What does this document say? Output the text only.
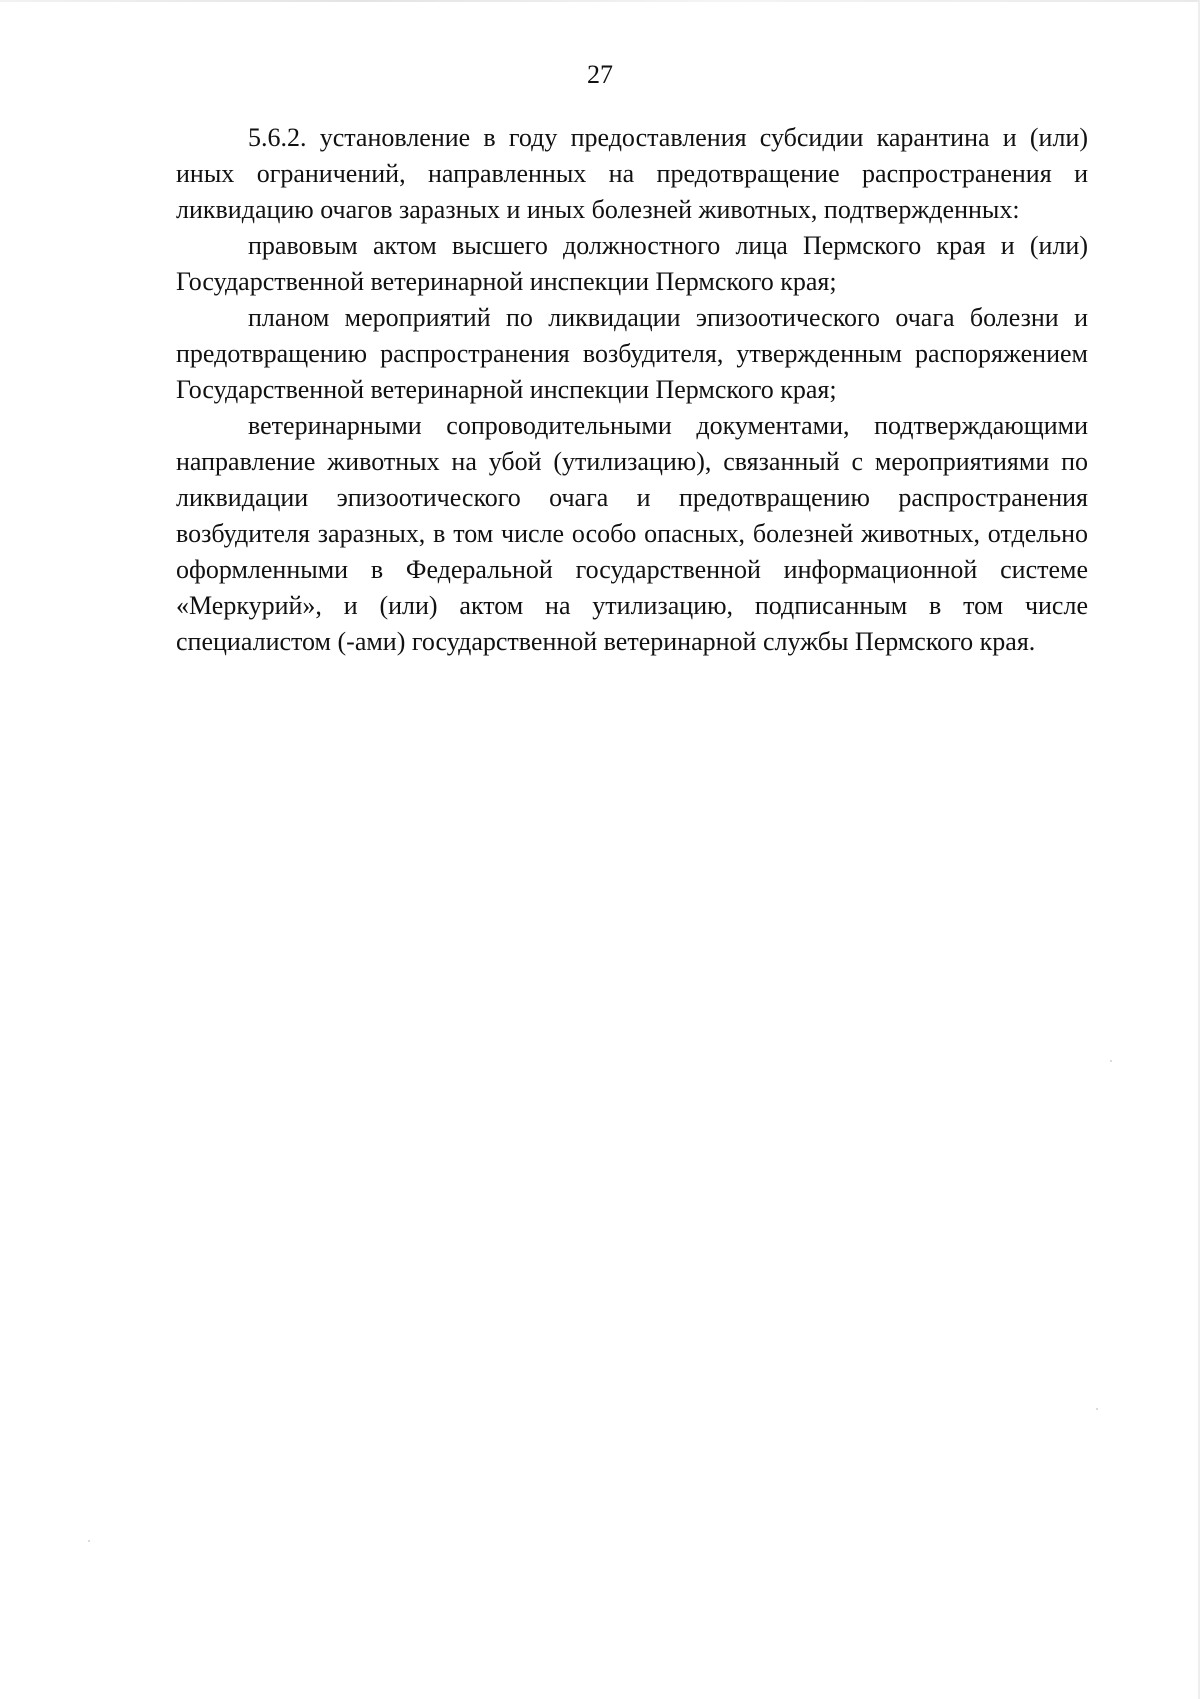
27

5.6.2. установление в году предоставления субсидии карантина и (или) иных ограничений, направленных на предотвращение распространения и ликвидацию очагов заразных и иных болезней животных, подтвержденных:

правовым актом высшего должностного лица Пермского края и (или) Государственной ветеринарной инспекции Пермского края;

планом мероприятий по ликвидации эпизоотического очага болезни и предотвращению распространения возбудителя, утвержденным распоряжением Государственной ветеринарной инспекции Пермского края;

ветеринарными сопроводительными документами, подтверждающими направление животных на убой (утилизацию), связанный с мероприятиями по ликвидации эпизоотического очага и предотвращению распространения возбудителя заразных, в том числе особо опасных, болезней животных, отдельно оформленными в Федеральной государственной информационной системе «Меркурий», и (или) актом на утилизацию, подписанным в том числе специалистом (-ами) государственной ветеринарной службы Пермского края.
